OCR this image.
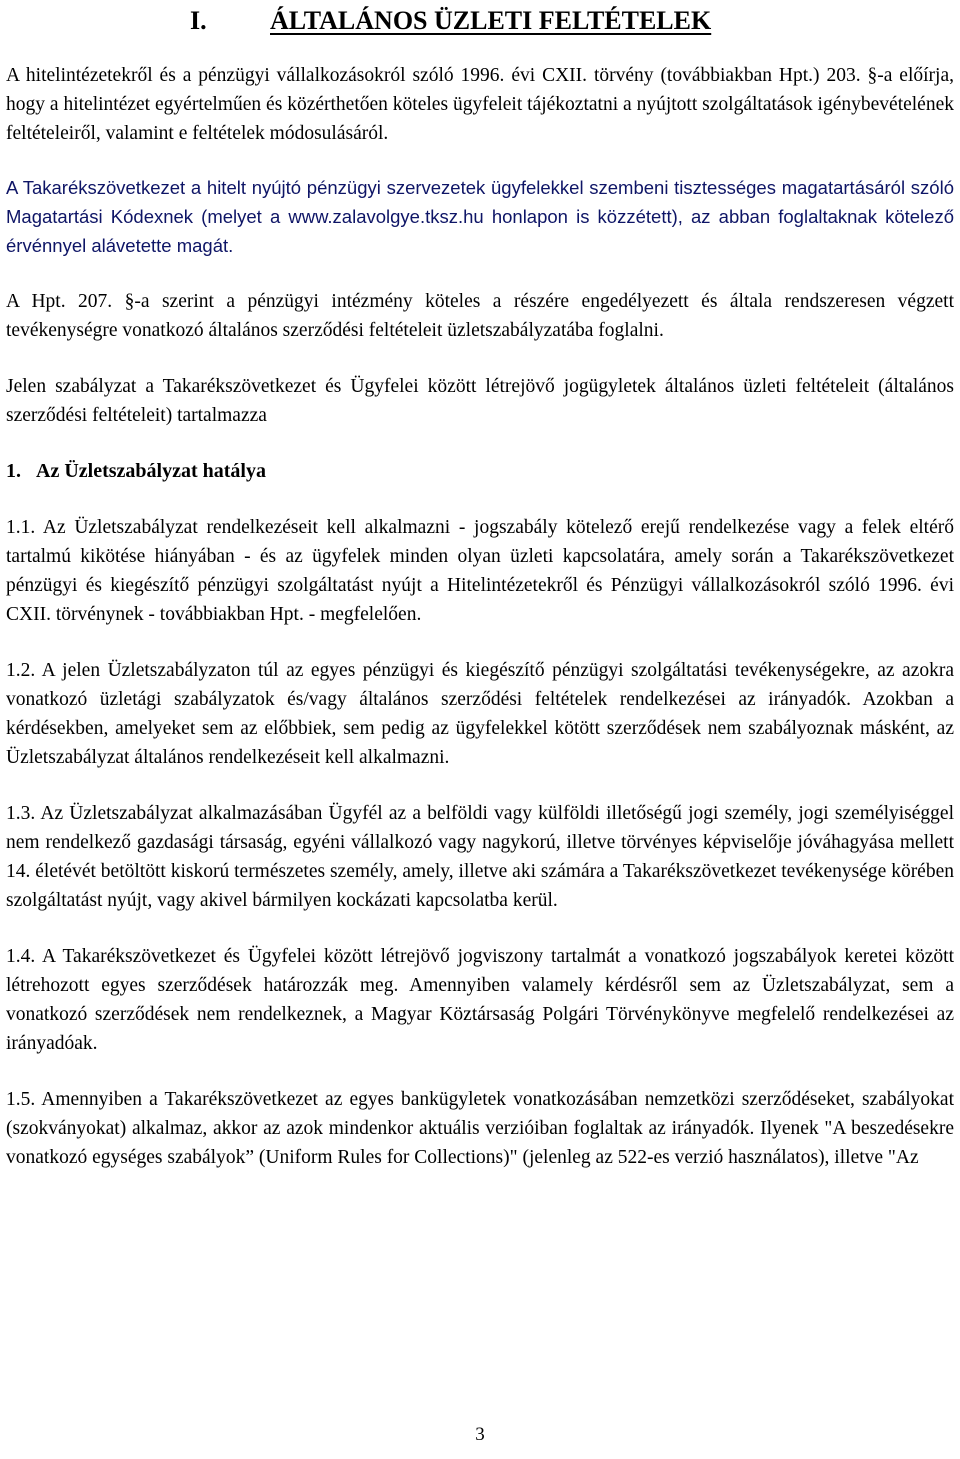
I.	ÁLTALÁNOS ÜZLETI FELTÉTELEK

A hitelintézetekről és a pénzügyi vállalkozásokról szóló 1996. évi CXII. törvény (továbbiakban Hpt.) 203. §-a előírja, hogy a hitelintézet egyértelműen és közérthetően köteles ügyfeleit tájékoztatni a nyújtott szolgáltatások igénybevételének feltételeiről, valamint e feltételek módosulásáról.

A Takarékszövetkezet a hitelt nyújtó pénzügyi szervezetek ügyfelekkel szembeni tisztességes magatartásáról szóló Magatartási Kódexnek (melyet a www.zalavolgye.tksz.hu honlapon is közzétett), az abban foglaltaknak kötelező érvénnyel alávetette magát.

A Hpt. 207. §-a szerint a pénzügyi intézmény köteles a részére engedélyezett és általa rendszeresen végzett tevékenységre vonatkozó általános szerződési feltételeit üzletszabályzatába foglalni.

Jelen szabályzat a Takarékszövetkezet és Ügyfelei között létrejövő jogügyletek általános üzleti feltételeit (általános szerződési feltételeit) tartalmazza

1. Az Üzletszabályzat hatálya

1.1. Az Üzletszabályzat rendelkezéseit kell alkalmazni - jogszabály kötelező erejű rendelkezése vagy a felek eltérő tartalmú kikötése hiányában - és az ügyfelek minden olyan üzleti kapcsolatára, amely során a Takarékszövetkezet pénzügyi és kiegészítő pénzügyi szolgáltatást nyújt a Hitelintézetekről és Pénzügyi vállalkozásokról szóló 1996. évi CXII. törvénynek - továbbiakban Hpt. - megfelelően.

1.2. A jelen Üzletszabályzaton túl az egyes pénzügyi és kiegészítő pénzügyi szolgáltatási tevékenységekre, az azokra vonatkozó üzletági szabályzatok és/vagy általános szerződési feltételek rendelkezései az irányadók. Azokban a kérdésekben, amelyeket sem az előbbiek, sem pedig az ügyfelekkel kötött szerződések nem szabályoznak másként, az Üzletszabályzat általános rendelkezéseit kell alkalmazni.

1.3. Az Üzletszabályzat alkalmazásában Ügyfél az a belföldi vagy külföldi illetőségű jogi személy, jogi személyiséggel nem rendelkező gazdasági társaság, egyéni vállalkozó vagy nagykorú, illetve törvényes képviselője jóváhagyása mellett 14. életévét betöltött kiskorú természetes személy, amely, illetve aki számára a Takarékszövetkezet tevékenysége körében szolgáltatást nyújt, vagy akivel bármilyen kockázati kapcsolatba kerül.

1.4. A Takarékszövetkezet és Ügyfelei között létrejövő jogviszony tartalmát a vonatkozó jogszabályok keretei között létrehozott egyes szerződések határozzák meg. Amennyiben valamely kérdésről sem az Üzletszabályzat, sem a vonatkozó szerződések nem rendelkeznek, a Magyar Köztársaság Polgári Törvénykönyve megfelelő rendelkezései az irányadóak.

1.5. Amennyiben a Takarékszövetkezet az egyes bankügyletek vonatkozásában nemzetközi szerződéseket, szabályokat (szokványokat) alkalmaz, akkor az azok mindenkor aktuális verzióiban foglaltak az irányadók. Ilyenek "A beszedésekre vonatkozó egységes szabályok” (Uniform Rules for Collections)" (jelenleg az 522-es verzió használatos), illetve "Az

3
